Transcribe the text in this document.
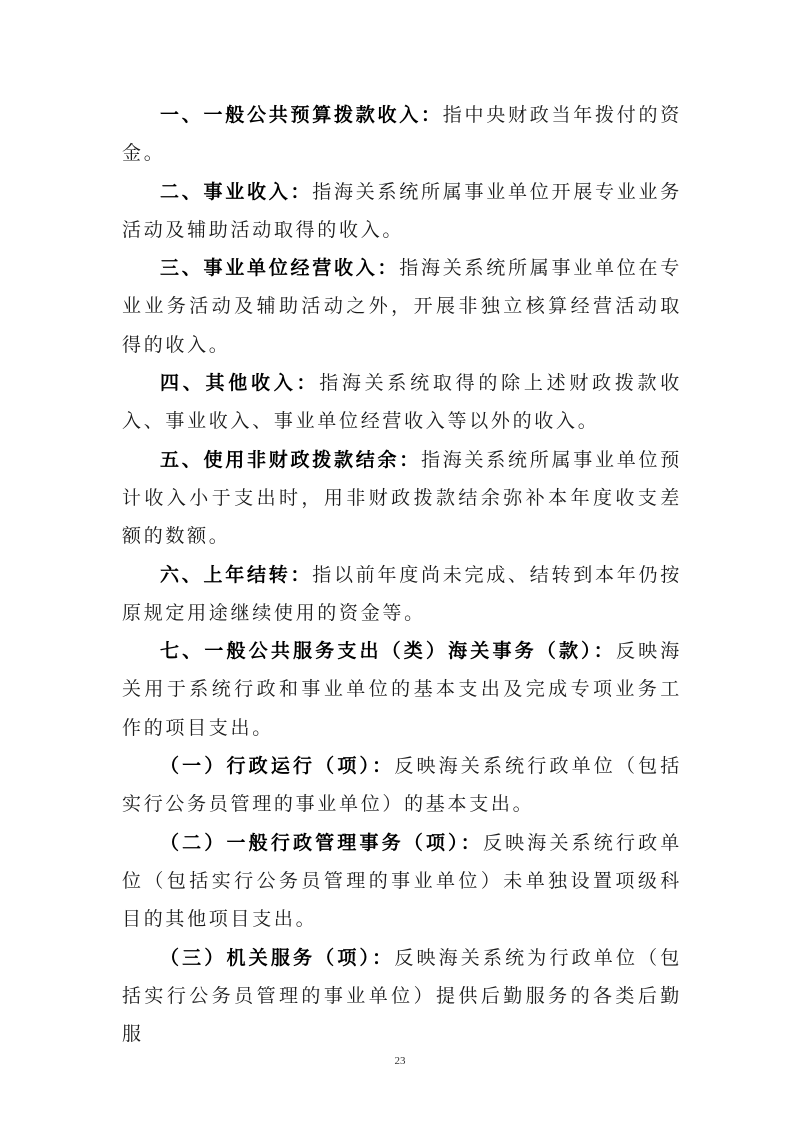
一、一般公共预算拨款收入：指中央财政当年拨付的资金。

二、事业收入：指海关系统所属事业单位开展专业业务活动及辅助活动取得的收入。

三、事业单位经营收入：指海关系统所属事业单位在专业业务活动及辅助活动之外，开展非独立核算经营活动取得的收入。

四、其他收入：指海关系统取得的除上述财政拨款收入、事业收入、事业单位经营收入等以外的收入。

五、使用非财政拨款结余：指海关系统所属事业单位预计收入小于支出时，用非财政拨款结余弥补本年度收支差额的数额。

六、上年结转：指以前年度尚未完成、结转到本年仍按原规定用途继续使用的资金等。

七、一般公共服务支出（类）海关事务（款）：反映海关用于系统行政和事业单位的基本支出及完成专项业务工作的项目支出。

（一）行政运行（项）：反映海关系统行政单位（包括实行公务员管理的事业单位）的基本支出。

（二）一般行政管理事务（项）：反映海关系统行政单位（包括实行公务员管理的事业单位）未单独设置项级科目的其他项目支出。

（三）机关服务（项）：反映海关系统为行政单位（包括实行公务员管理的事业单位）提供后勤服务的各类后勤服

23
